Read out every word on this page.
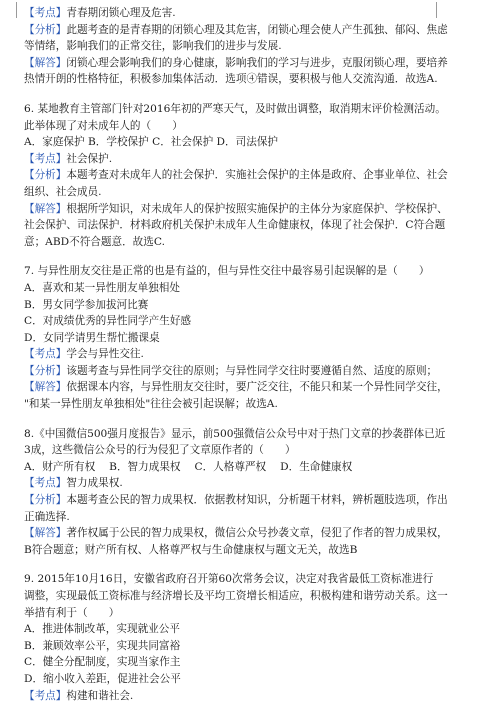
【考点】青春期闭锁心理及危害.
【分析】此题考查的是青春期的闭锁心理及其危害，闭锁心理会使人产生孤独、郁闷、焦虑
等情绪，影响我们的正常交往，影响我们的进步与发展.
【解答】闭锁心理会影响我们的身心健康，影响我们的学习与进步，克服闭锁心理，要培养
热情开朗的性格特征，积极参加集体活动．选项④错误，要积极与他人交流沟通．故选A.
6. 某地教育主管部门针对2016年初的严寒天气，及时做出调整，取消期末评价检测活动。
此举体现了对未成年人的（　　）
A．家庭保护 B．学校保护 C．社会保护 D．司法保护
【考点】社会保护.
【分析】本题考查对未成年人的社会保护．实施社会保护的主体是政府、企事业单位、社会
组织、社会成员.
【解答】根据所学知识，对未成年人的保护按照实施保护的主体分为家庭保护、学校保护、
社会保护、司法保护．材料政府机关保护未成年人生命健康权，体现了社会保护．C符合题
意；ABD不符合题意．故选C.
7. 与异性朋友交往是正常的也是有益的，但与异性交往中最容易引起误解的是（　　）
A．喜欢和某一异性朋友单独相处
B．男女同学参加拔河比赛
C．对成绩优秀的异性同学产生好感
D．女同学请男生帮忙搬课桌
【考点】学会与异性交往.
【分析】该题考查与异性同学交往的原则；与异性同学交往时要遵循自然、适度的原则；
【解答】依据课本内容，与异性朋友交往时，要广泛交往，不能只和某一个异性同学交往，
"和某一异性朋友单独相处"往往会被引起误解；故选A.
8.《中国微信500强月度报告》显示，前500强微信公众号中对于热门文章的抄袭群体已近
3成，这些微信公众号的行为侵犯了文章原作者的（　　）
A．财产所有权　 B．智力成果权　 C．人格尊严权　 D．生命健康权
【考点】智力成果权.
【分析】本题考查公民的智力成果权．依据教材知识，分析题干材料，辨析题肢选项，作出
正确选择.
【解答】著作权属于公民的智力成果权，微信公众号抄袭文章，侵犯了作者的智力成果权，
B符合题意；财产所有权、人格尊严权与生命健康权与题文无关，故选B
9. 2015年10月16日，安徽省政府召开第60次常务会议，决定对我省最低工资标准进行
调整，实现最低工资标准与经济增长及平均工资增长相适应，积极构建和谐劳动关系。这一
举措有利于（　　）
A．推进体制改革，实现就业公平
B．兼顾效率公平，实现共同富裕
C．健全分配制度，实现当家作主
D．缩小收入差距，促进社会公平
【考点】构建和谐社会.
